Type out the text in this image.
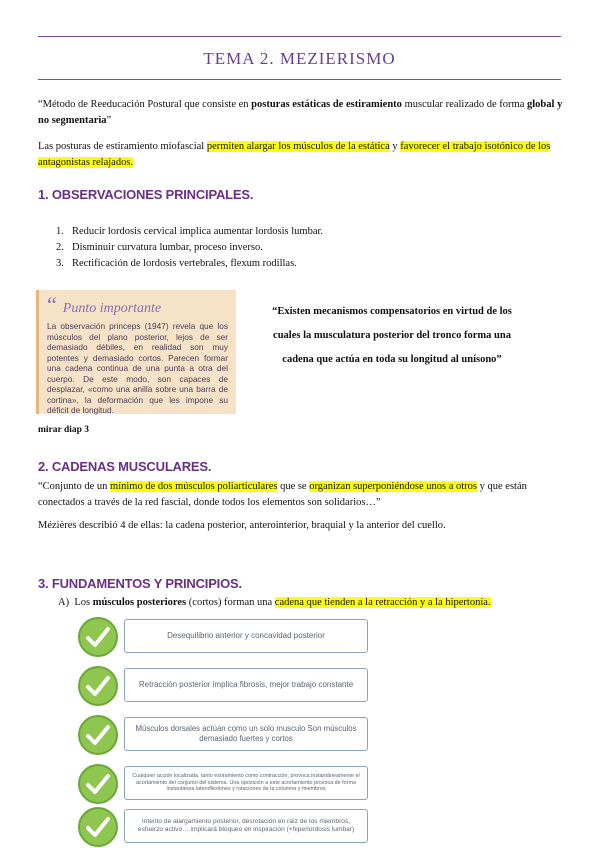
TEMA 2. MEZIERISMO
“Método de Reeducación Postural que consiste en posturas estáticas de estiramiento muscular realizado de forma global y no segmentaria”
Las posturas de estiramiento miofascial permiten alargar los músculos de la estática y favorecer el trabajo isotónico de los antagonistas relajados.
1. OBSERVACIONES PRINCIPALES.
1. Reducir lordosis cervical implica aumentar lordosis lumbar.
2. Disminuir curvatura lumbar, proceso inverso.
3. Rectificación de lordosis vertebrales, flexum rodillas.
“ Punto importante
La observación princeps (1947) revela que los músculos del plano posterior, lejos de ser demasiado débiles, en realidad son muy potentes y demasiado cortos. Parecen formar una cadena continua de una punta a otra del cuerpo. De este modo, son capaces de desplazar, «como una anilla sobre una barra de cortina», la deformación que les impone su déficit de longitud.
“Existen mecanismos compensatorios en virtud de los cuales la musculatura posterior del tronco forma una cadena que actúa en toda su longitud al unísono”
mirar diap 3
2. CADENAS MUSCULARES.
“Conjunto de un mínimo de dos músculos poliarticulares que se organizan superponiéndose unos a otros y que están conectados a través de la red fascial, donde todos los elementos son solidarios…”
Mézières describió 4 de ellas: la cadena posterior, anterointerior, braquial y la anterior del cuello.
3. FUNDAMENTOS Y PRINCIPIOS.
A) Los músculos posteriores (cortos) forman una cadena que tienden a la retracción y a la hipertonía.
Desequilibrio anterior y concavidad posterior
Retracción posterior implica fibrosis, mejor trabajo constante
Músculos dorsales actúan como un solo musculo Son músculos demasiado fuertes y cortos
Cualquier acción localizada, tanto estiramiento como contracción, provoca instantáneamente el acortamiento del conjunto del sistema. Una oposición a este acortamiento provoca de forma instantánea lateroflexiones y rotaciones de la columna y miembros
Intento de alargamiento posterior, desrotación en raíz de los miembros, esfuerzo activo… implicará bloqueo en inspiración (+hiperlordosis lumbar)
